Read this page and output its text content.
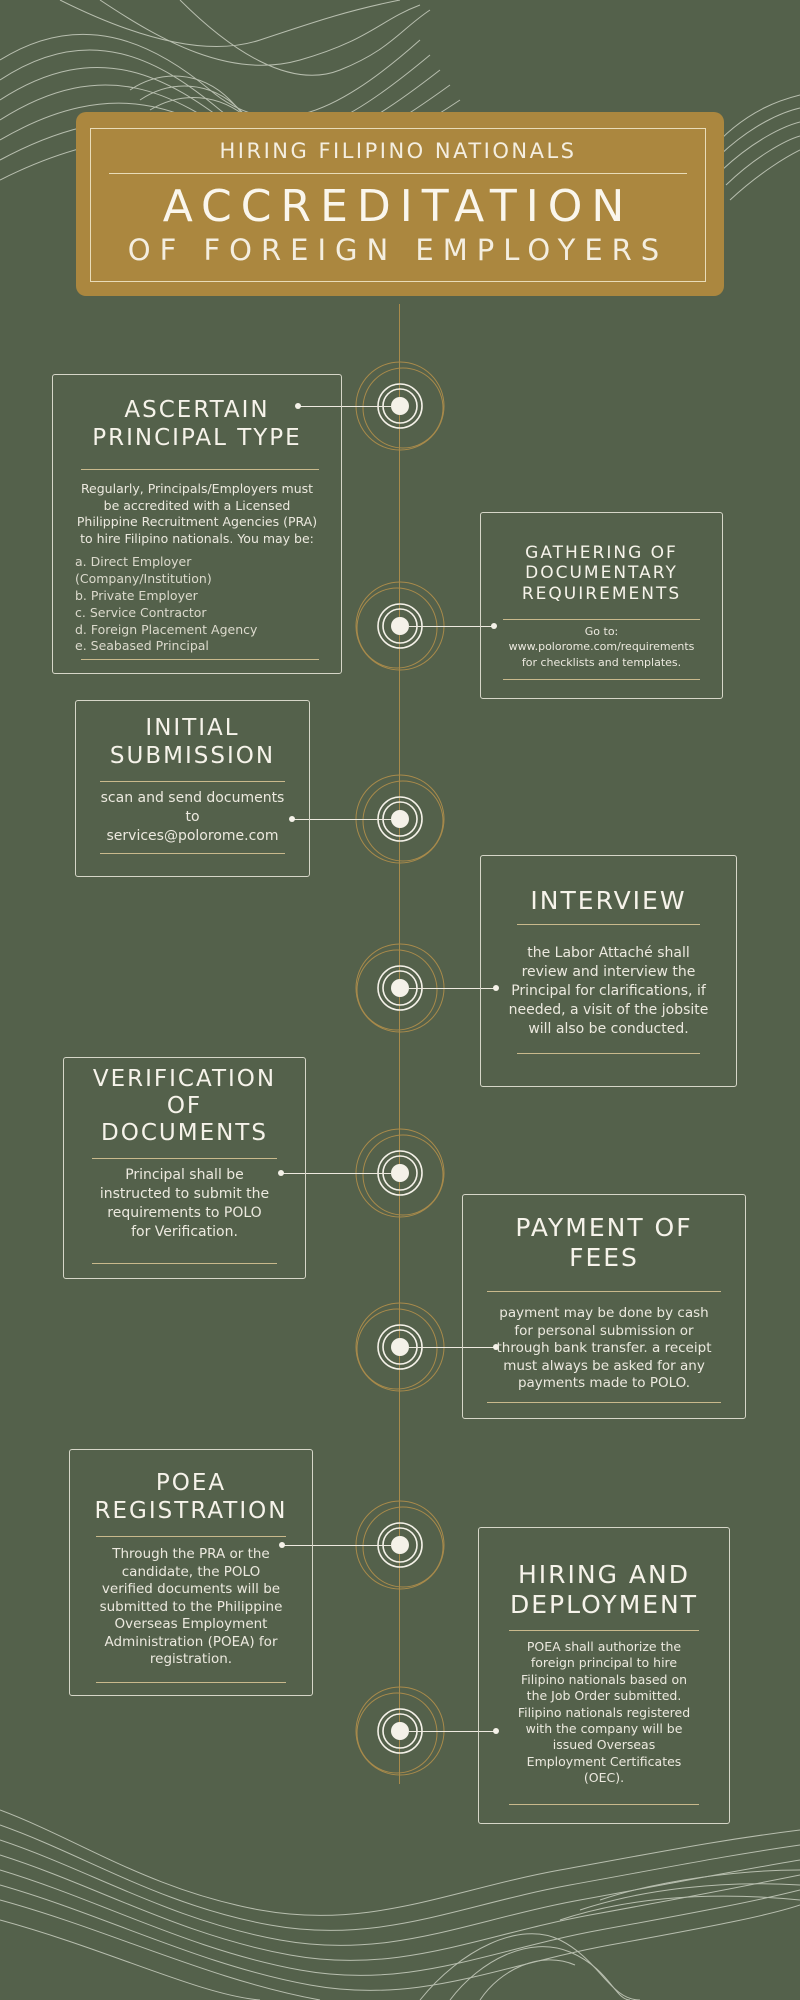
HIRING FILIPINO NATIONALS
ACCREDITATION
OF FOREIGN EMPLOYERS
ASCERTAIN
PRINCIPAL TYPE
Regularly, Principals/Employers must
be accredited with a Licensed
Philippine Recruitment Agencies (PRA)
to hire Filipino nationals. You may be:
a. Direct Employer
(Company/Institution)
b. Private Employer
c. Service Contractor
d. Foreign Placement Agency
e. Seabased Principal
GATHERING OF
DOCUMENTARY
REQUIREMENTS
Go to:
www.polorome.com/requirements
for checklists and templates.
INITIAL
SUBMISSION
scan and send documents
to
services@polorome.com
INTERVIEW
the Labor Attaché shall
review and interview the
Principal for clarifications, if
needed, a visit of the jobsite
will also be conducted.
VERIFICATION
OF
DOCUMENTS
Principal shall be
instructed to submit the
requirements to POLO
for Verification.	PAYMENT OF
FEES
payment may be done by cash
for personal submission or
through bank transfer. a receipt
must always be asked for any
payments made to POLO.
POEA
REGISTRATION
Through the PRA or the
candidate, the POLO
verified documents will be
submitted to the Philippine
Overseas Employment
Administration (POEA) for
registration.
HIRING AND
DEPLOYMENT
POEA shall authorize the
foreign principal to hire
Filipino nationals based on
the Job Order submitted.
Filipino nationals registered
with the company will be
issued Overseas
Employment Certificates
(OEC).
